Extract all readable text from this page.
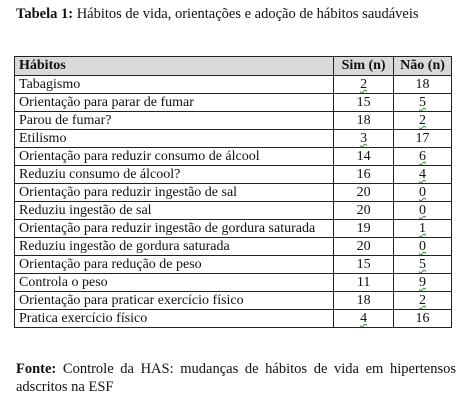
Tabela 1: Hábitos de vida, orientações e adoção de hábitos saudáveis
Hábitos	Sim (n)	Não (n)
Tabagismo	2	18
Orientação para parar de fumar	15	5
Parou de fumar?	18	2
Etilismo	3	17
Orientação para reduzir consumo de álcool	14	6
Reduziu consumo de álcool?	16	4
Orientação para reduzir ingestão de sal	20	0
Reduziu ingestão de sal	20	0
Orientação para reduzir ingestão de gordura saturada	19	1
Reduziu ingestão de gordura saturada	20	0
Orientação para redução de peso	15	5
Controla o peso	11	9
Orientação para praticar exercício físico	18	2
Pratica exercício físico	4	16
Fonte: Controle da HAS: mudanças de hábitos de vida em hipertensos adscritos na ESF
